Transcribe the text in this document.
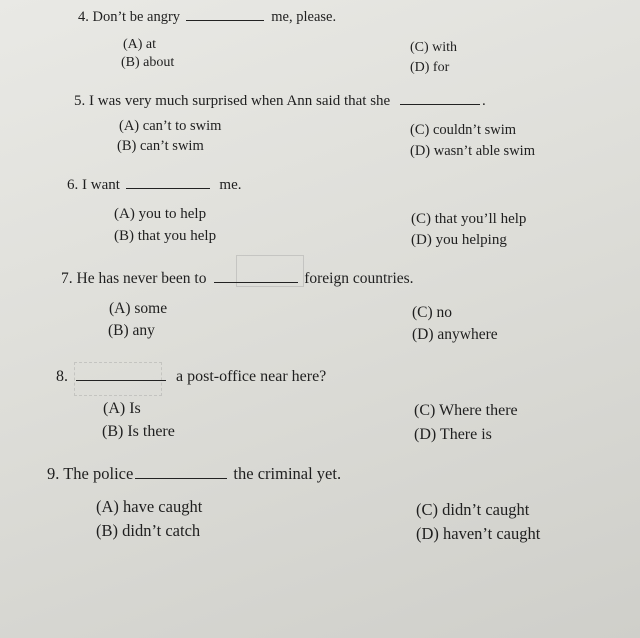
4. Don’t be angry	me, please.
(A) at
(B) about
(C) with
(D) for
5. I was very much surprised when Ann said that she	.
(A) can’t to swim
(B) can’t swim
(C) couldn’t swim
(D) wasn’t able swim
6. I want	me.
(A) you to help
(B) that you help
(C) that you’ll help
(D) you helping
7. He has never been to	foreign countries.
(A) some
(B) any
(C) no
(D) anywhere
8.	a post-office near here?
(A) Is
(B) Is there
(C) Where there
(D) There is
9. The police	the criminal yet.
(A) have caught
(B) didn’t catch
(C) didn’t caught
(D) haven’t caught
